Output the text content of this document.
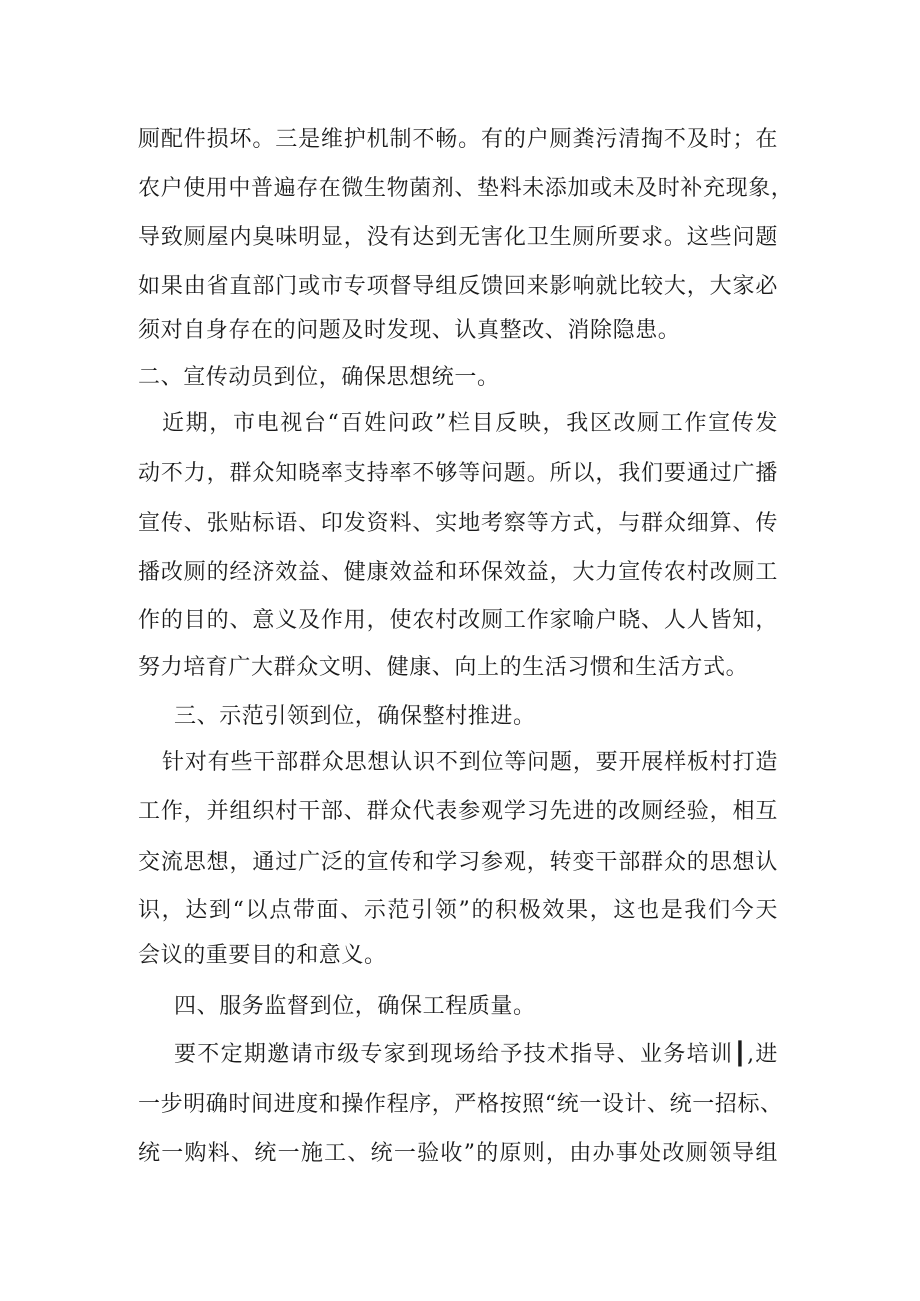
厕配件损坏。三是维护机制不畅。有的户厕粪污清掏不及时；在
农户使用中普遍存在微生物菌剂、垫料未添加或未及时补充现象，
导致厕屋内臭味明显，没有达到无害化卫生厕所要求。这些问题
如果由省直部门或市专项督导组反馈回来影响就比较大，大家必
须对自身存在的问题及时发现、认真整改、消除隐患。
二、宣传动员到位，确保思想统一。
近期，市电视台“百姓问政”栏目反映，我区改厕工作宣传发
动不力，群众知晓率支持率不够等问题。所以，我们要通过广播
宣传、张贴标语、印发资料、实地考察等方式，与群众细算、传
播改厕的经济效益、健康效益和环保效益，大力宣传农村改厕工
作的目的、意义及作用，使农村改厕工作家喻户晓、人人皆知，
努力培育广大群众文明、健康、向上的生活习惯和生活方式。
三、示范引领到位，确保整村推进。
针对有些干部群众思想认识不到位等问题，要开展样板村打造
工作，并组织村干部、群众代表参观学习先进的改厕经验，相互
交流思想，通过广泛的宣传和学习参观，转变干部群众的思想认
识，达到“以点带面、示范引领”的积极效果，这也是我们今天
会议的重要目的和意义。
四、服务监督到位，确保工程质量。
要不定期邀请市级专家到现场给予技术指导、业务培训┃,进
一步明确时间进度和操作程序，严格按照“统一设计、统一招标、
统一购料、统一施工、统一验收”的原则，由办事处改厕领导组
